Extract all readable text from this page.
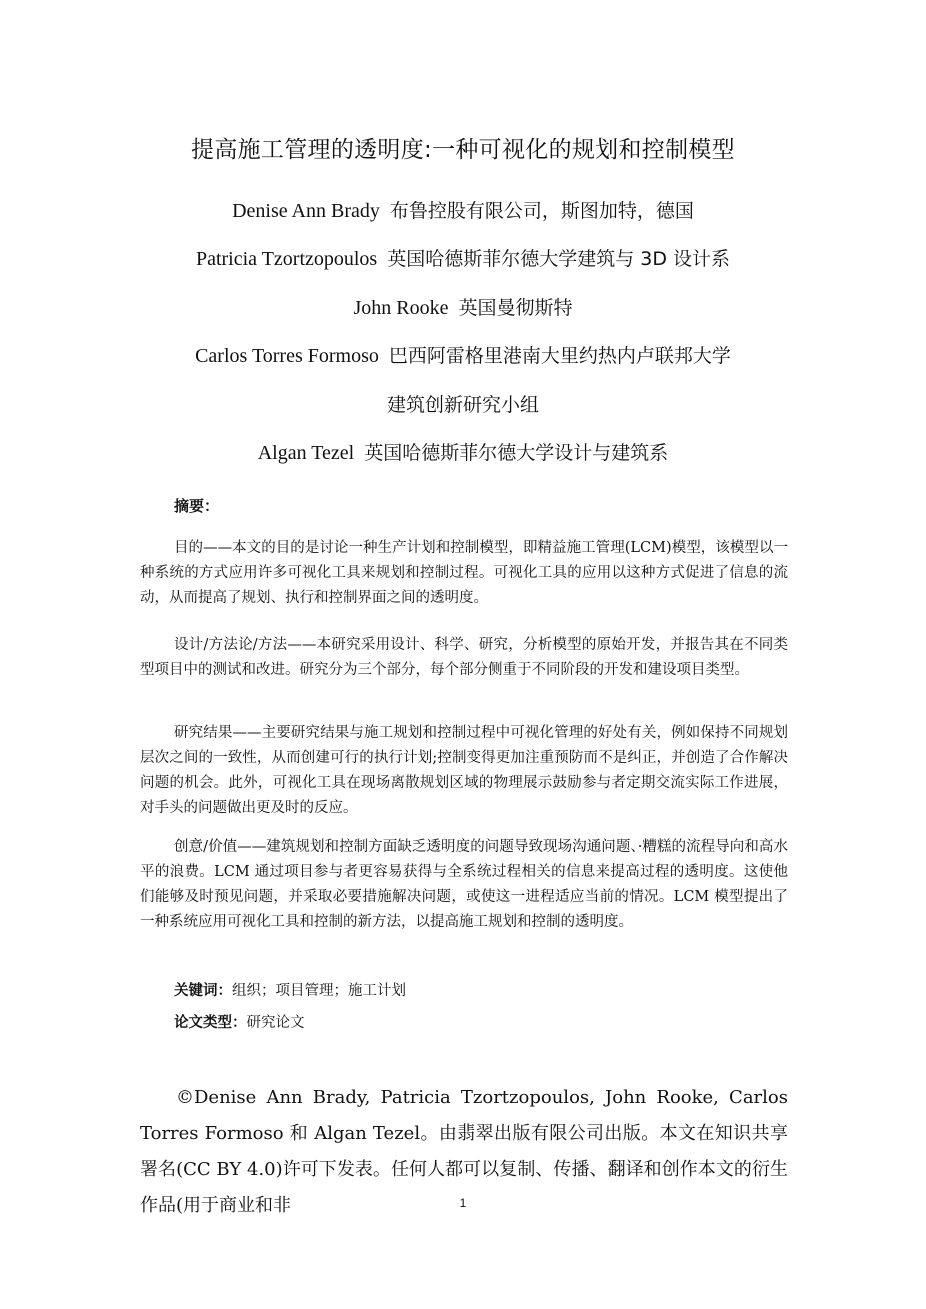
提高施工管理的透明度:一种可视化的规划和控制模型
Denise Ann Brady 布鲁控股有限公司，斯图加特，德国
Patricia Tzortzopoulos 英国哈德斯菲尔德大学建筑与 3D 设计系
John Rooke 英国曼彻斯特
Carlos Torres Formoso 巴西阿雷格里港南大里约热内卢联邦大学
建筑创新研究小组
Algan Tezel 英国哈德斯菲尔德大学设计与建筑系
摘要：

目的——本文的目的是讨论一种生产计划和控制模型，即精益施工管理(LCM)模型，该模型以一种系统的方式应用许多可视化工具来规划和控制过程。可视化工具的应用以这种方式促进了信息的流动，从而提高了规划、执行和控制界面之间的透明度。

设计/方法论/方法——本研究采用设计、科学、研究，分析模型的原始开发，并报告其在不同类型项目中的测试和改进。研究分为三个部分，每个部分侧重于不同阶段的开发和建设项目类型。

研究结果——主要研究结果与施工规划和控制过程中可视化管理的好处有关，例如保持不同规划层次之间的一致性，从而创建可行的执行计划;控制变得更加注重预防而不是纠正，并创造了合作解决问题的机会。此外，可视化工具在现场离散规划区域的物理展示鼓励参与者定期交流实际工作进展，对手头的问题做出更及时的反应。

创意/价值——建筑规划和控制方面缺乏透明度的问题导致现场沟通问题、·糟糕的流程导向和高水平的浪费。LCM 通过项目参与者更容易获得与全系统过程相关的信息来提高过程的透明度。这使他们能够及时预见问题，并采取必要措施解决问题，或使这一进程适应当前的情况。LCM 模型提出了一种系统应用可视化工具和控制的新方法，以提高施工规划和控制的透明度。

关键词：组织；项目管理；施工计划
论文类型：研究论文

©Denise Ann Brady, Patricia Tzortzopoulos, John Rooke, Carlos Torres Formoso 和 Algan Tezel。由翡翠出版有限公司出版。本文在知识共享署名(CC BY 4.0)许可下发表。任何人都可以复制、传播、翻译和创作本文的衍生作品(用于商业和非	1
